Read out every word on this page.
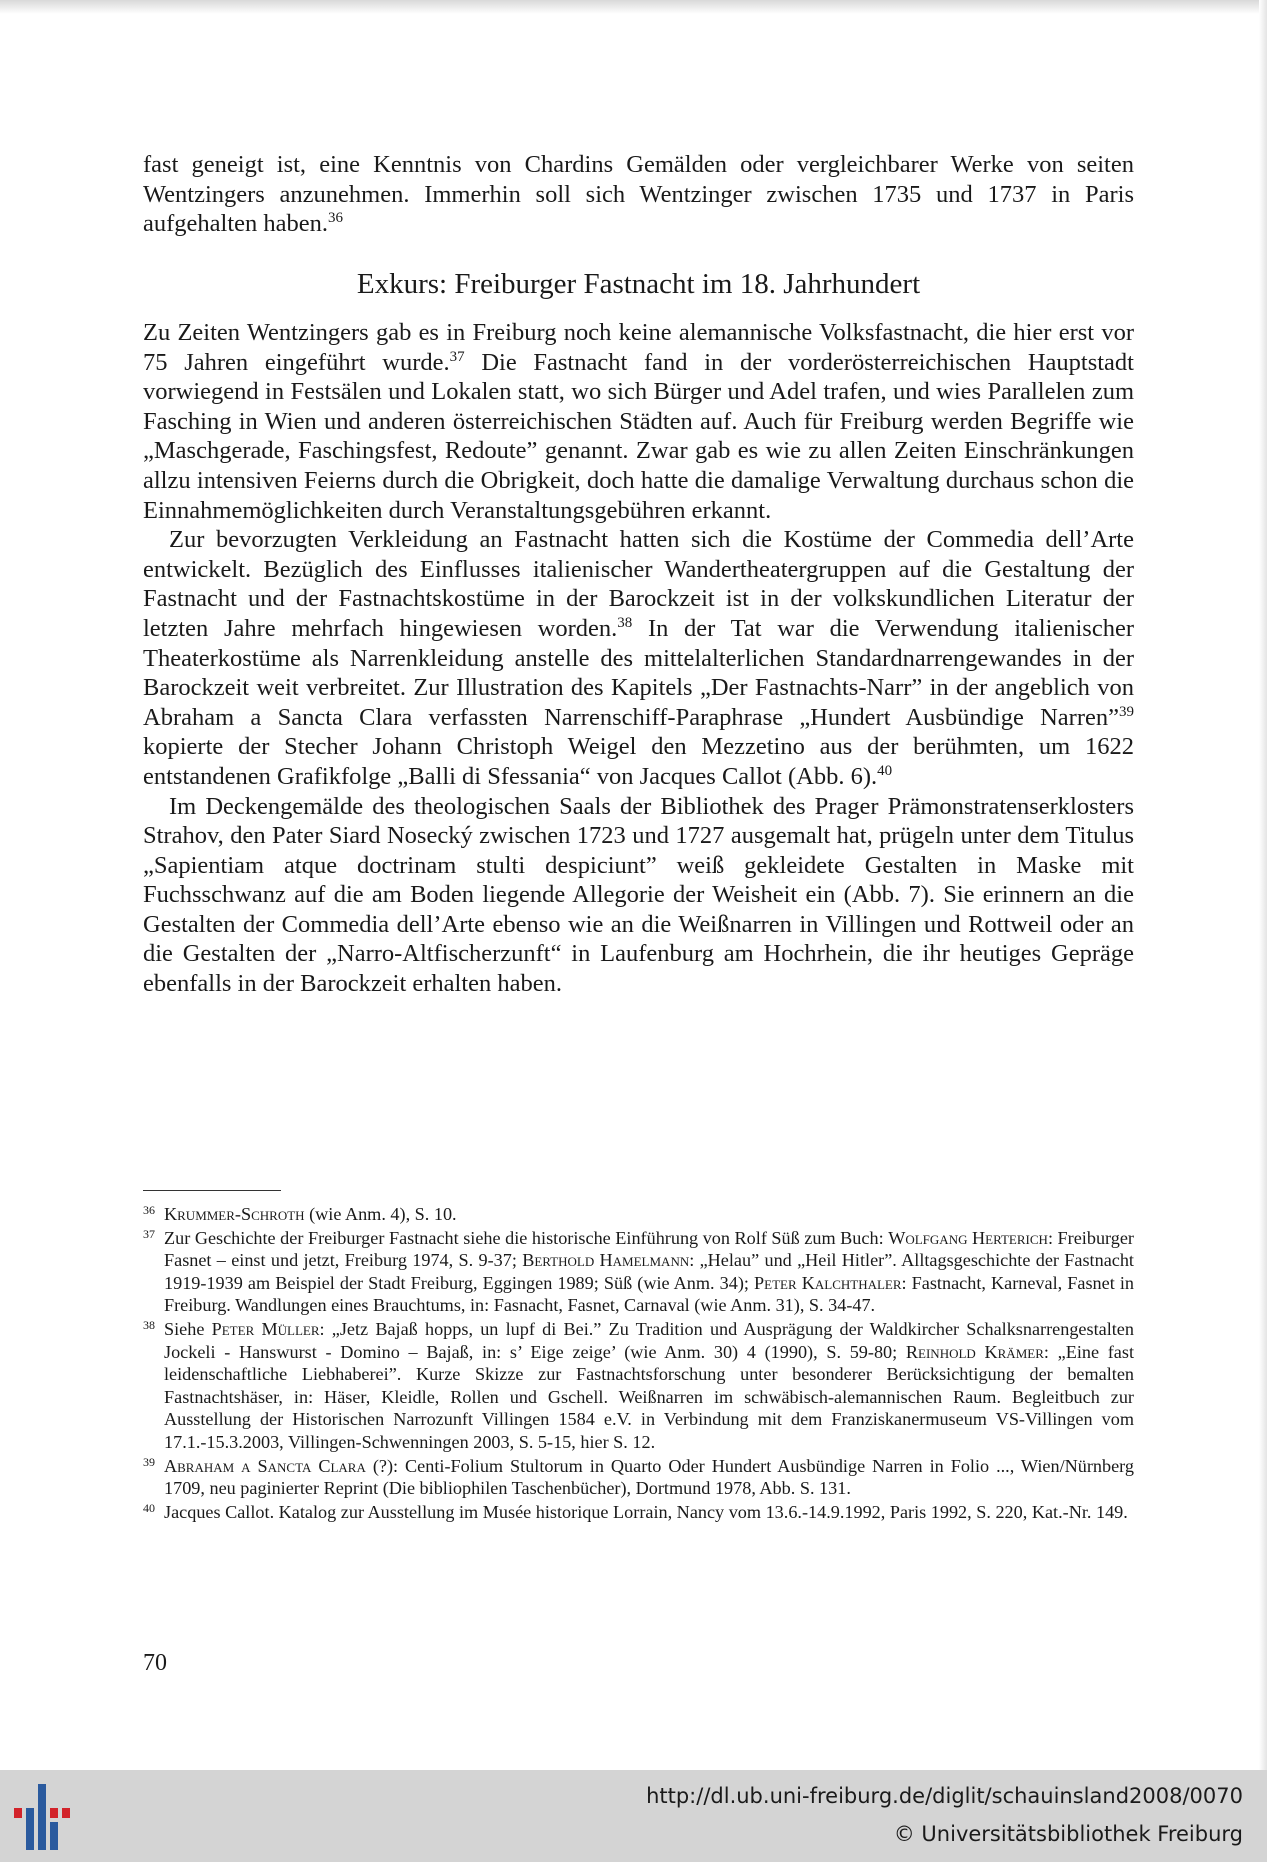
fast geneigt ist, eine Kenntnis von Chardins Gemälden oder vergleichbarer Werke von seiten Wentzingers anzunehmen. Immerhin soll sich Wentzinger zwischen 1735 und 1737 in Paris aufgehalten haben.$^{36}$

Exkurs: Freiburger Fastnacht im 18. Jahrhundert

Zu Zeiten Wentzingers gab es in Freiburg noch keine alemannische Volksfastnacht, die hier erst vor 75 Jahren eingeführt wurde.$^{37}$ Die Fastnacht fand in der vorderösterreichischen Hauptstadt vorwiegend in Festsälen und Lokalen statt, wo sich Bürger und Adel trafen, und wies Parallelen zum Fasching in Wien und anderen österreichischen Städten auf. Auch für Freiburg werden Begriffe wie „Maschgerade, Faschingsfest, Redoute” genannt. Zwar gab es wie zu allen Zeiten Einschränkungen allzu intensiven Feierns durch die Obrigkeit, doch hatte die damalige Verwaltung durchaus schon die Einnahmemöglichkeiten durch Veranstaltungsgebühren erkannt.

Zur bevorzugten Verkleidung an Fastnacht hatten sich die Kostüme der Commedia dell’Arte entwickelt. Bezüglich des Einflusses italienischer Wandertheatergruppen auf die Gestaltung der Fastnacht und der Fastnachtskostüme in der Barockzeit ist in der volkskundlichen Literatur der letzten Jahre mehrfach hingewiesen worden.$^{38}$ In der Tat war die Verwendung italienischer Theaterkostüme als Narrenkleidung anstelle des mittelalterlichen Standardnarrengewandes in der Barockzeit weit verbreitet. Zur Illustration des Kapitels „Der Fastnachts-Narr” in der angeblich von Abraham a Sancta Clara verfassten Narrenschiff-Paraphrase „Hundert Ausbündige Narren”$^{39}$ kopierte der Stecher Johann Christoph Weigel den Mezzetino aus der berühmten, um 1622 entstandenen Grafikfolge „Balli di Sfessania“ von Jacques Callot (Abb. 6).$^{40}$

Im Deckengemälde des theologischen Saals der Bibliothek des Prager Prämonstratenserklosters Strahov, den Pater Siard Nosecký zwischen 1723 und 1727 ausgemalt hat, prügeln unter dem Titulus „Sapientiam atque doctrinam stulti despiciunt” weiß gekleidete Gestalten in Maske mit Fuchsschwanz auf die am Boden liegende Allegorie der Weisheit ein (Abb. 7). Sie erinnern an die Gestalten der Commedia dell’Arte ebenso wie an die Weißnarren in Villingen und Rottweil oder an die Gestalten der „Narro-Altfischerzunft“ in Laufenburg am Hochrhein, die ihr heutiges Gepräge ebenfalls in der Barockzeit erhalten haben.

36 Krummer-Schroth (wie Anm. 4), S. 10.

37 Zur Geschichte der Freiburger Fastnacht siehe die historische Einführung von Rolf Süß zum Buch: Wolfgang Herterich: Freiburger Fasnet – einst und jetzt, Freiburg 1974, S. 9-37; Berthold Hamelmann: „Helau” und „Heil Hitler”. Alltagsgeschichte der Fastnacht 1919-1939 am Beispiel der Stadt Freiburg, Eggingen 1989; Süß (wie Anm. 34); Peter Kalchthaler: Fastnacht, Karneval, Fasnet in Freiburg. Wandlungen eines Brauchtums, in: Fasnacht, Fasnet, Carnaval (wie Anm. 31), S. 34-47.

38 Siehe Peter Müller: „Jetz Bajaß hopps, un lupf di Bei.” Zu Tradition und Ausprägung der Waldkircher Schalksnarrengestalten Jockeli - Hanswurst - Domino – Bajaß, in: s’ Eige zeige’ (wie Anm. 30) 4 (1990), S. 59-80; Reinhold Krämer: „Eine fast leidenschaftliche Liebhaberei”. Kurze Skizze zur Fastnachtsforschung unter besonderer Berücksichtigung der bemalten Fastnachtshäser, in: Häser, Kleidle, Rollen und Gschell. Weißnarren im schwäbisch-alemannischen Raum. Begleitbuch zur Ausstellung der Historischen Narrozunft Villingen 1584 e.V. in Verbindung mit dem Franziskanermuseum VS-Villingen vom 17.1.-15.3.2003, Villingen-Schwenningen 2003, S. 5-15, hier S. 12.

39 Abraham a Sancta Clara (?): Centi-Folium Stultorum in Quarto Oder Hundert Ausbündige Narren in Folio ..., Wien/Nürnberg 1709, neu paginierter Reprint (Die bibliophilen Taschenbücher), Dortmund 1978, Abb. S. 131.

40 Jacques Callot. Katalog zur Ausstellung im Musée historique Lorrain, Nancy vom 13.6.-14.9.1992, Paris 1992, S. 220, Kat.-Nr. 149.

70
http://dl.ub.uni-freiburg.de/diglit/schauinsland2008/0070
© Universitätsbibliothek Freiburg
